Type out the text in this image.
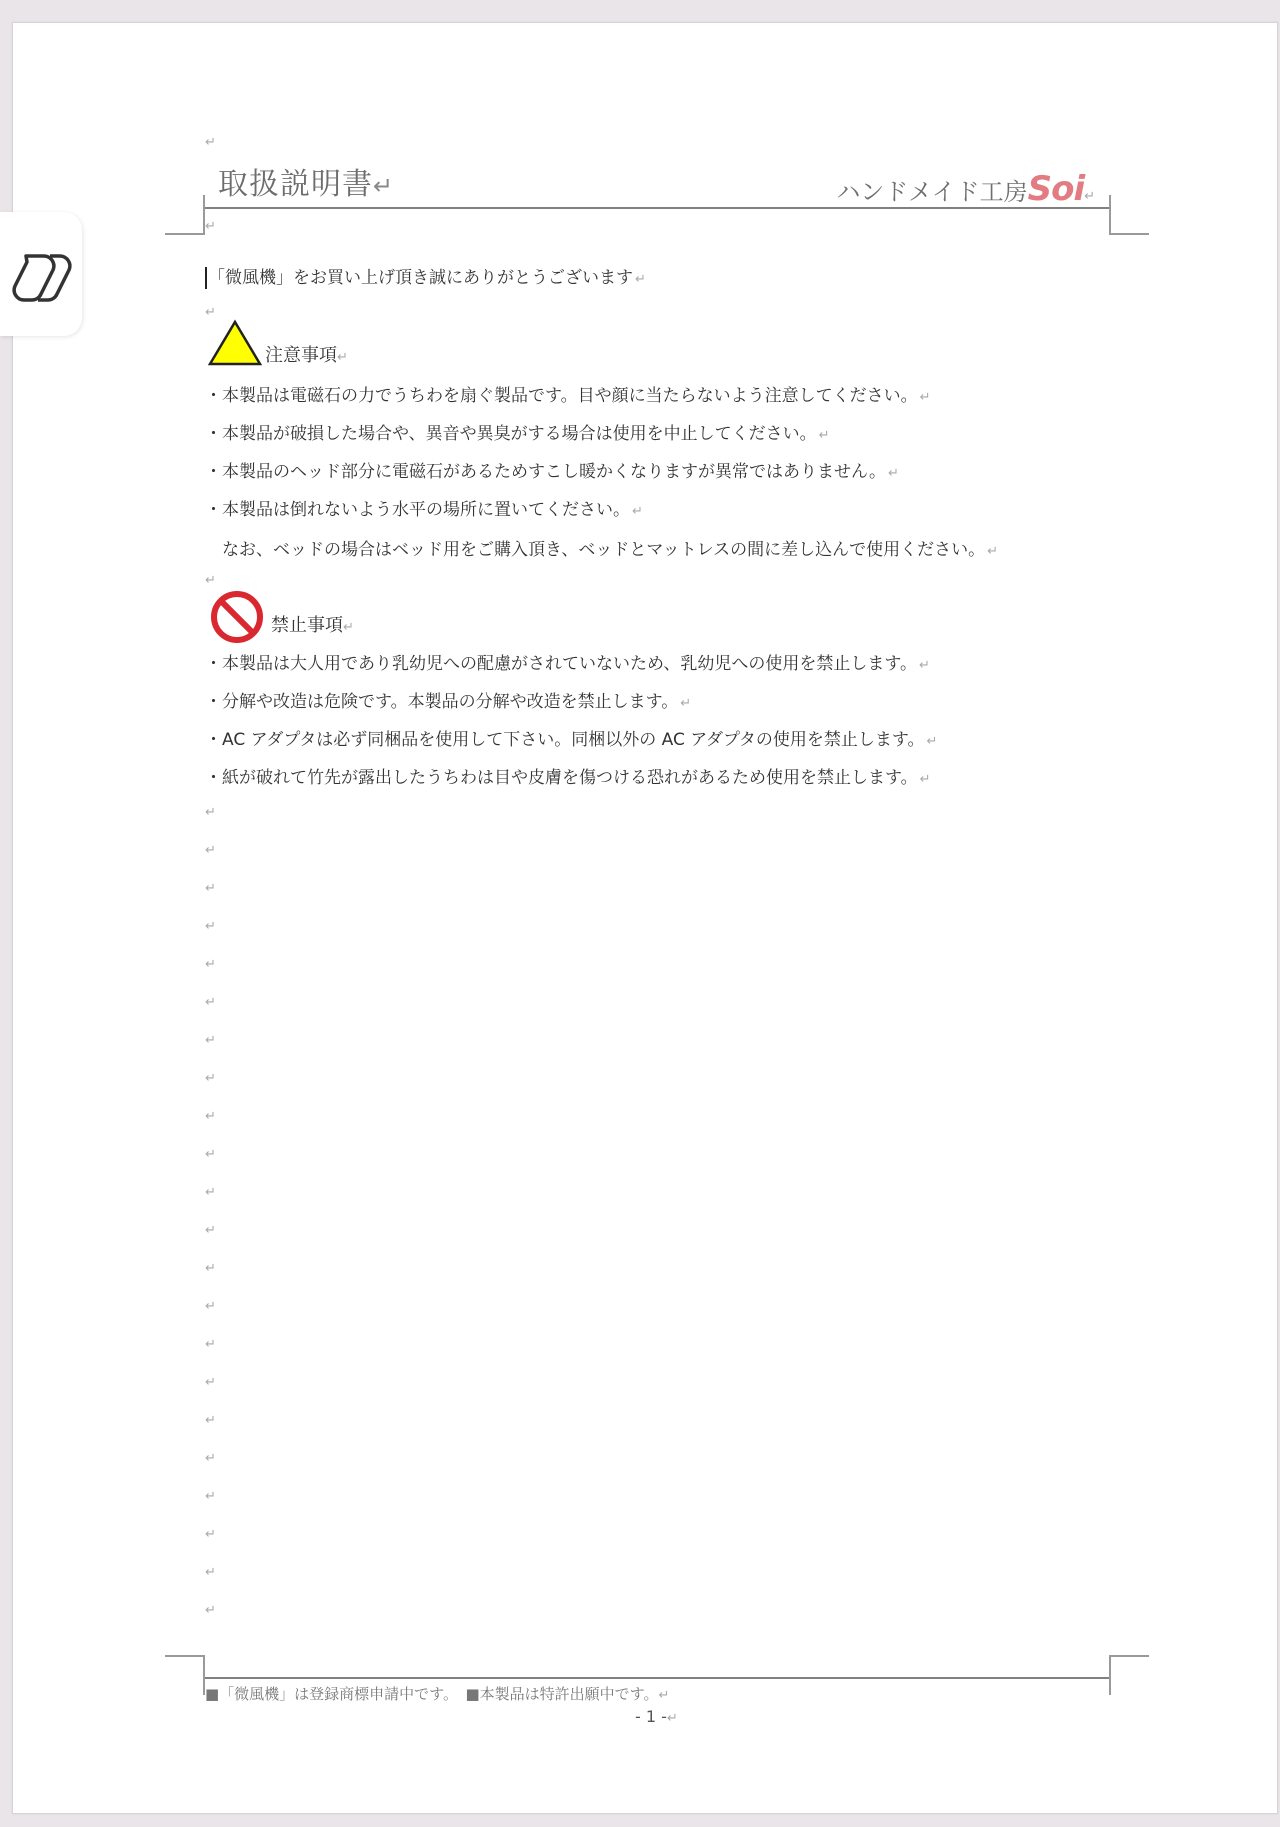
↵
取扱説明書↵	ハンドメイド工房Soi↵
↵
「微風機」をお買い上げ頂き誠にありがとうございます ↵
↵
注意事項↵
・本製品は電磁石の力でうちわを扇ぐ製品です。目や顔に当たらないよう注意してください。 ↵
・本製品が破損した場合や、異音や異臭がする場合は使用を中止してください。 ↵
・本製品のヘッド部分に電磁石があるためすこし暖かくなりますが異常ではありません。 ↵
・本製品は倒れないよう水平の場所に置いてください。 ↵
　なお、ベッドの場合はベッド用をご購入頂き、ベッドとマットレスの間に差し込んで使用ください。 ↵
↵
禁止事項↵
・本製品は大人用であり乳幼児への配慮がされていないため、乳幼児への使用を禁止します。 ↵
・分解や改造は危険です。本製品の分解や改造を禁止します。 ↵
・AC アダプタは必ず同梱品を使用して下さい。同梱以外の AC アダプタの使用を禁止します。 ↵
・紙が破れて竹先が露出したうちわは目や皮膚を傷つける恐れがあるため使用を禁止します。 ↵
↵
↵
↵
↵
↵
↵
↵
↵
↵
↵
↵
↵
↵
↵
↵
↵
↵
↵
↵
↵
↵
↵
■「微風機」は登録商標申請中です。　■本製品は特許出願中です。↵
- 1 -↵
